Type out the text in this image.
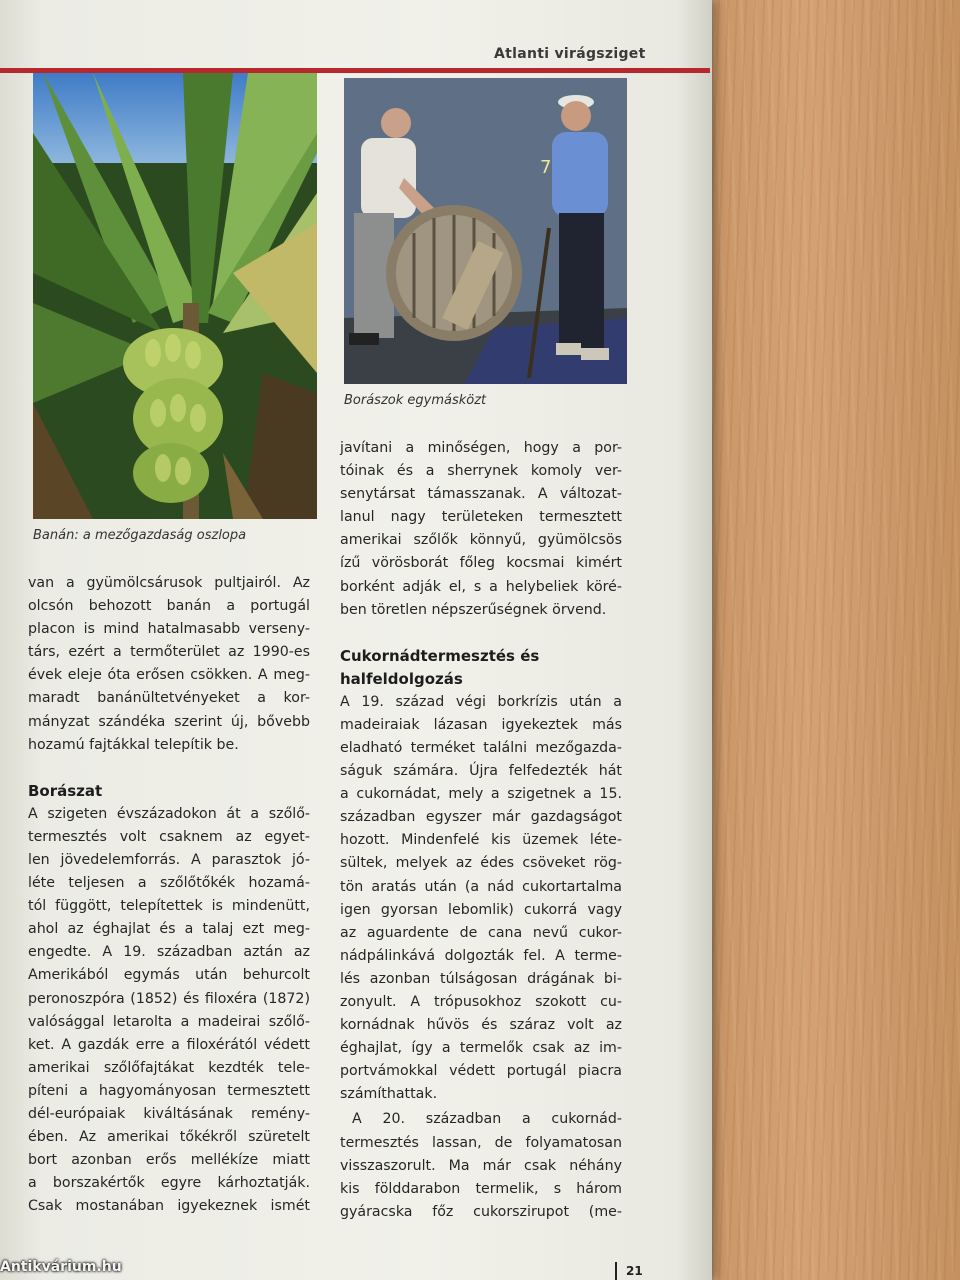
Atlanti virágsziget
Banán: a mezőgazdaság oszlopa
7
Borászok egymásközt
van a gyümölcsárusok pultjairól. Az
olcsón behozott banán a portugál
placon is mind hatalmasabb verseny-
társ, ezért a termőterület az 1990-es
évek eleje óta erősen csökken. A meg-
maradt banánültetvényeket a kor-
mányzat szándéka szerint új, bővebb
hozamú fajtákkal telepítik be.
Borászat
A szigeten évszázadokon át a szőlő-
termesztés volt csaknem az egyet-
len jövedelemforrás. A parasztok jó-
léte teljesen a szőlőtőkék hozamá-
tól függött, telepítettek is mindenütt,
ahol az éghajlat és a talaj ezt meg-
engedte. A 19. században aztán az
Amerikából egymás után behurcolt
peronoszpóra (1852) és filoxéra (1872)
valósággal letarolta a madeirai szőlő-
ket. A gazdák erre a filoxérától védett
amerikai szőlőfajtákat kezdték tele-
píteni a hagyományosan termesztett
dél-európaiak kiváltásának remény-
ében. Az amerikai tőkékről szüretelt
bort azonban erős mellékíze miatt
a borszakértők egyre kárhoztatják.
Csak mostanában igyekeznek ismét
javítani a minőségen, hogy a por-
tóinak és a sherrynek komoly ver-
senytársat támasszanak. A változat-
lanul nagy területeken termesztett
amerikai szőlők könnyű, gyümölcsös
ízű vörösborát főleg kocsmai kimért
borként adják el, s a helybeliek köré-
ben töretlen népszerűségnek örvend.
Cukornádtermesztés és
halfeldolgozás
A 19. század végi borkrízis után a
madeiraiak lázasan igyekeztek más
eladható terméket találni mezőgazda-
ságuk számára. Újra felfedezték hát
a cukornádat, mely a szigetnek a 15.
században egyszer már gazdagságot
hozott. Mindenfelé kis üzemek léte-
sültek, melyek az édes csöveket rög-
tön aratás után (a nád cukortartalma
igen gyorsan lebomlik) cukorrá vagy
az aguardente de cana nevű cukor-
nádpálinkává dolgozták fel. A terme-
lés azonban túlságosan drágának bi-
zonyult. A trópusokhoz szokott cu-
kornádnak hűvös és száraz volt az
éghajlat, így a termelők csak az im-
portvámokkal védett portugál piacra
számíthattak.
A 20. században a cukornád-
termesztés lassan, de folyamatosan
visszaszorult. Ma már csak néhány
kis földdarabon termelik, s három
gyáracska főz cukorszirupot (me-
21
Antikvárium.hu
